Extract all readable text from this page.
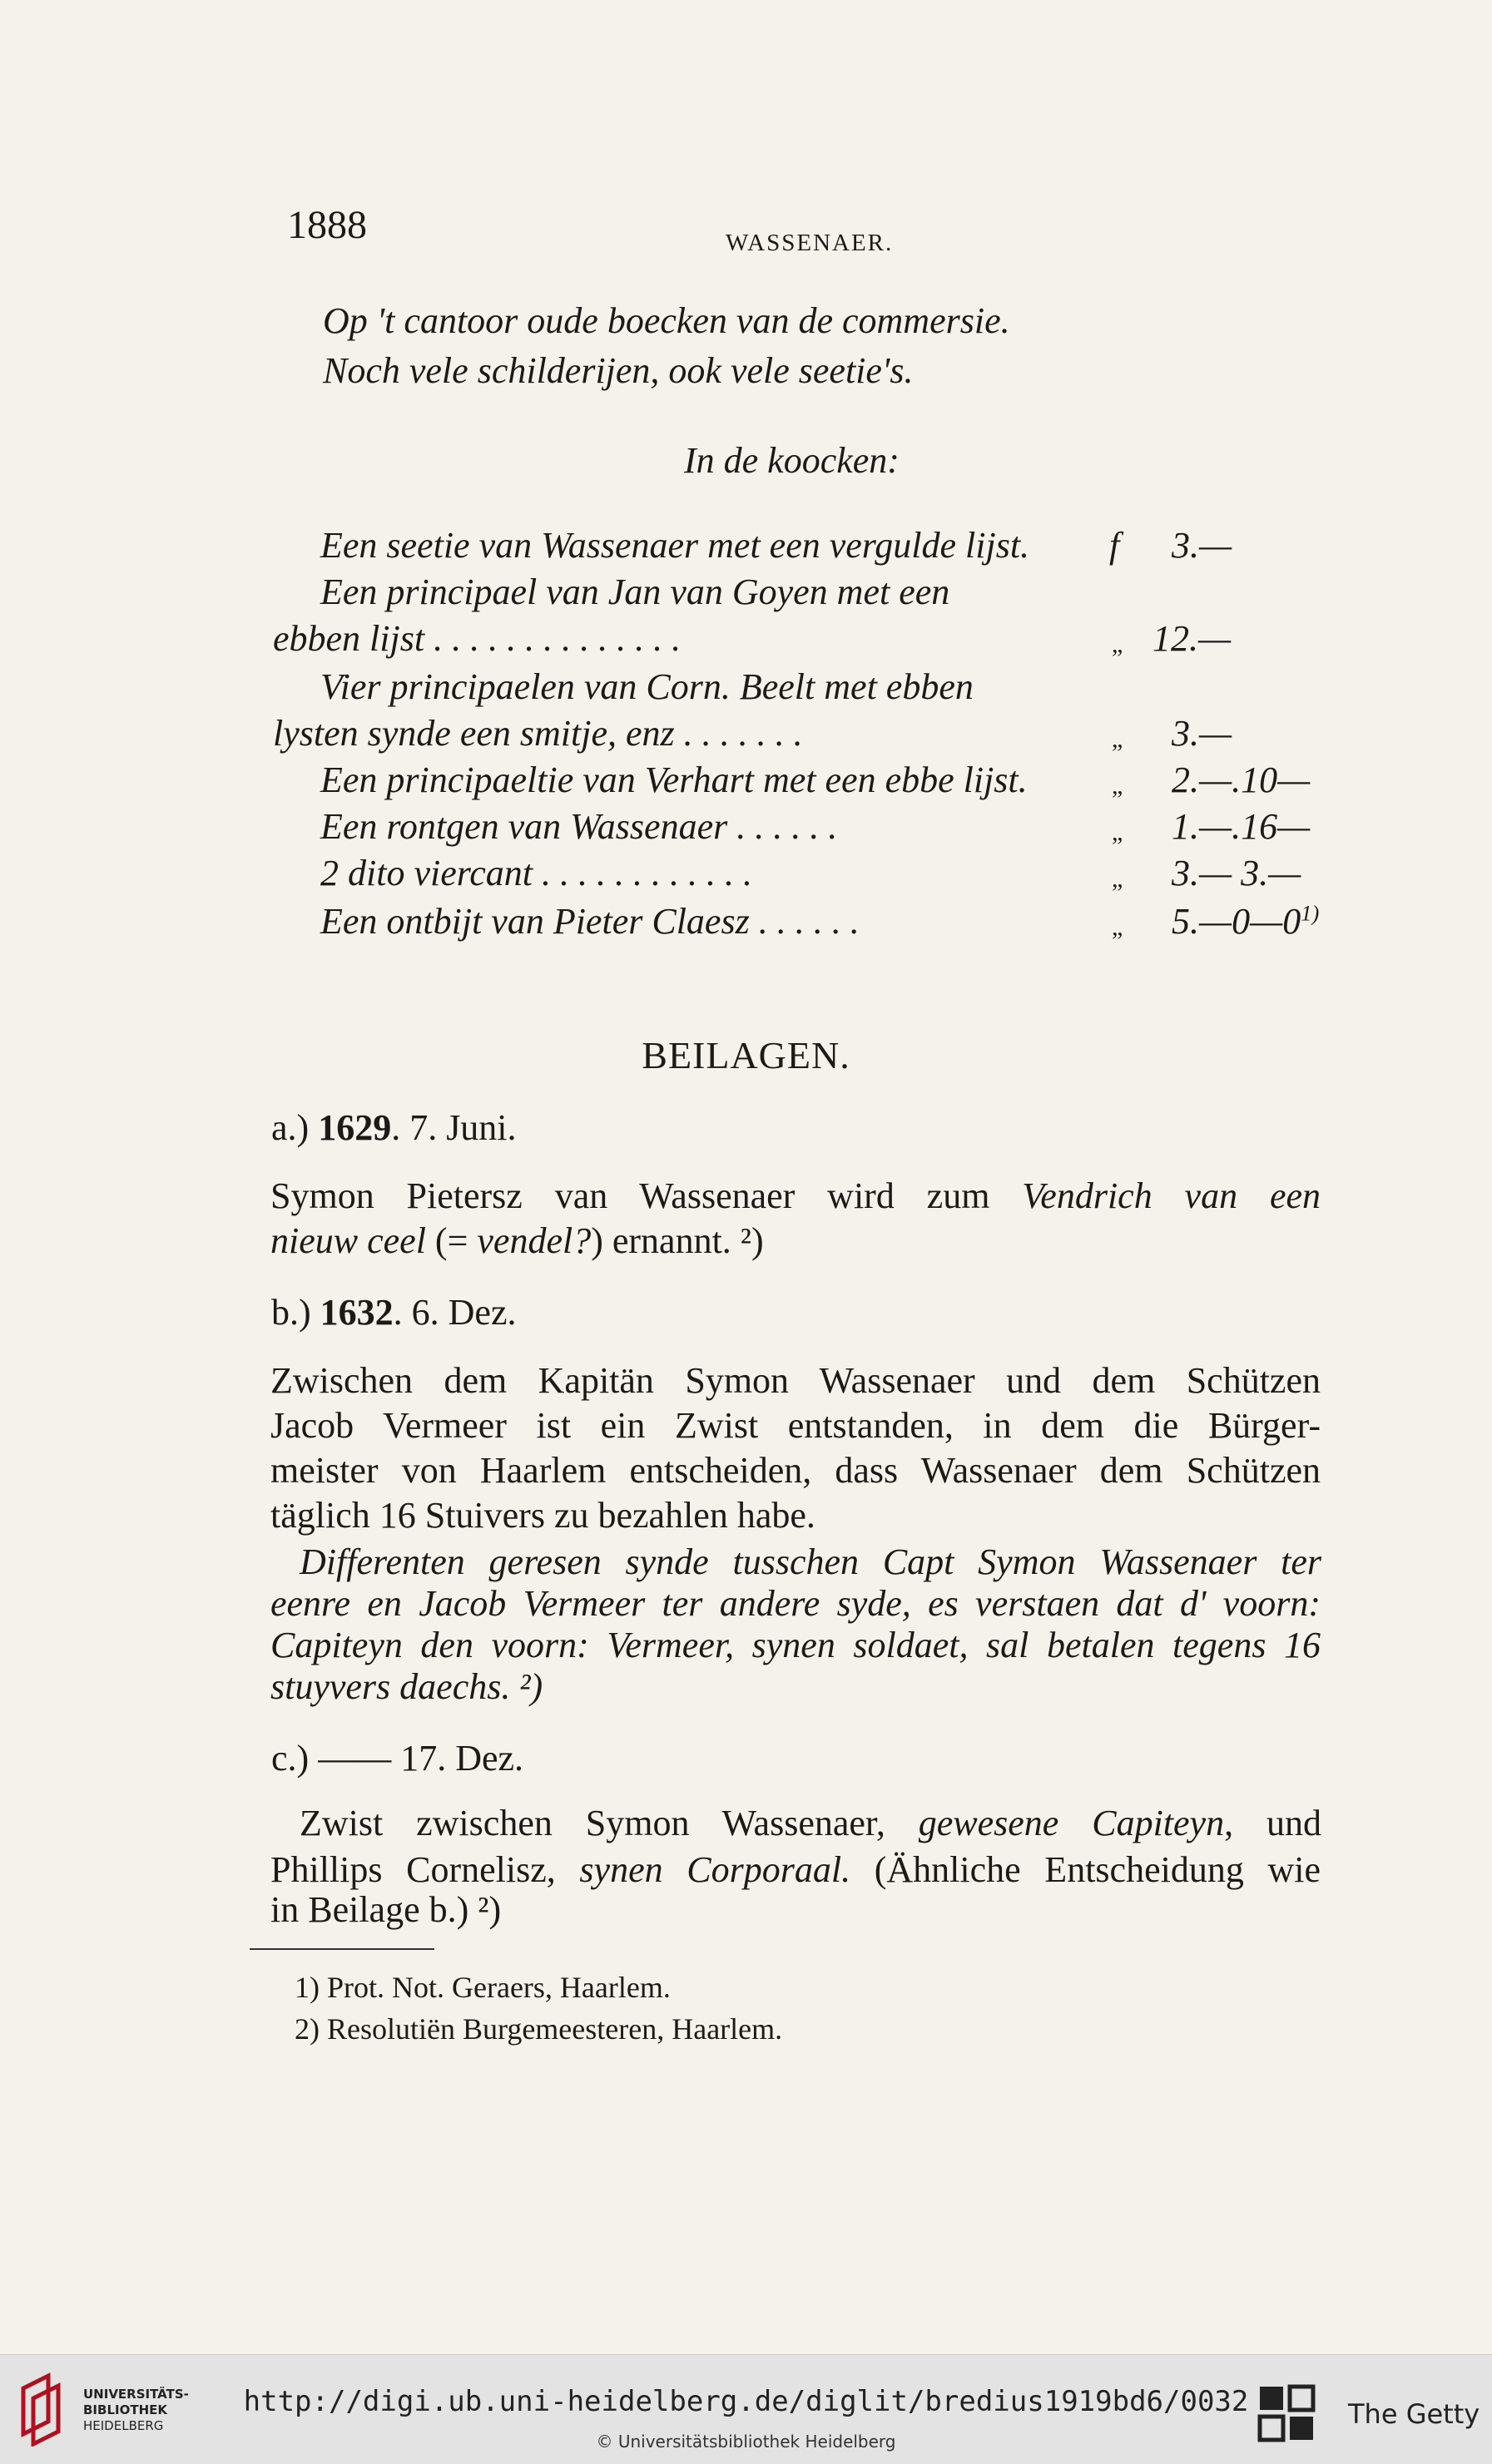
1888	WASSENAER.
Op 't cantoor oude boecken van de commersie.
Noch vele schilderijen, ook vele seetie's.
In de koocken:
Een seetie van Wassenaer met een vergulde lijst. f 3.—
Een principael van Jan van Goyen met een
ebben lijst . . . . . . . . . . . . . .	„ 12.—
Vier principaelen van Corn. Beelt met ebben
lysten synde een smitje, enz . . . . . . .	„ 3.—
Een principaeltie van Verhart met een ebbe lijst.	„ 2.—.10—
Een rontgen van Wassenaer . . . . . .	„ 1.—.16—
2 dito viercant . . . . . . . . . . . .	„ 3.— 3.—
Een ontbijt van Pieter Claesz . . . . . .	„ 5.—0—0$^{1)}$
BEILAGEN.
a.) 1629. 7. Juni.
Symon Pietersz van Wassenaer wird zum Vendrich van een
nieuw ceel (= vendel?) ernannt. ²)
b.) 1632. 6. Dez.
Zwischen dem Kapitän Symon Wassenaer und dem Schützen
Jacob Vermeer ist ein Zwist entstanden, in dem die Bürger-
meister von Haarlem entscheiden, dass Wassenaer dem Schützen
täglich 16 Stuivers zu bezahlen habe.
Differenten geresen synde tusschen Capt Symon Wassenaer ter
eenre en Jacob Vermeer ter andere syde, es verstaen dat d' voorn:
Capiteyn den voorn: Vermeer, synen soldaet, sal betalen tegens 16
stuyvers daechs. ²)
c.) —— 17. Dez.
Zwist zwischen Symon Wassenaer, gewesene Capiteyn, und
Phillips Cornelisz, synen Corporaal. (Ähnliche Entscheidung wie
in Beilage b.) ²)
1) Prot. Not. Geraers, Haarlem.
2) Resolutiën Burgemeesteren, Haarlem.
UNIVERSITÄTS-
BIBLIOTHEK
HEIDELBERG
http://digi.ub.uni-heidelberg.de/diglit/bredius1919bd6/0032
© Universitätsbibliothek Heidelberg
The Getty
